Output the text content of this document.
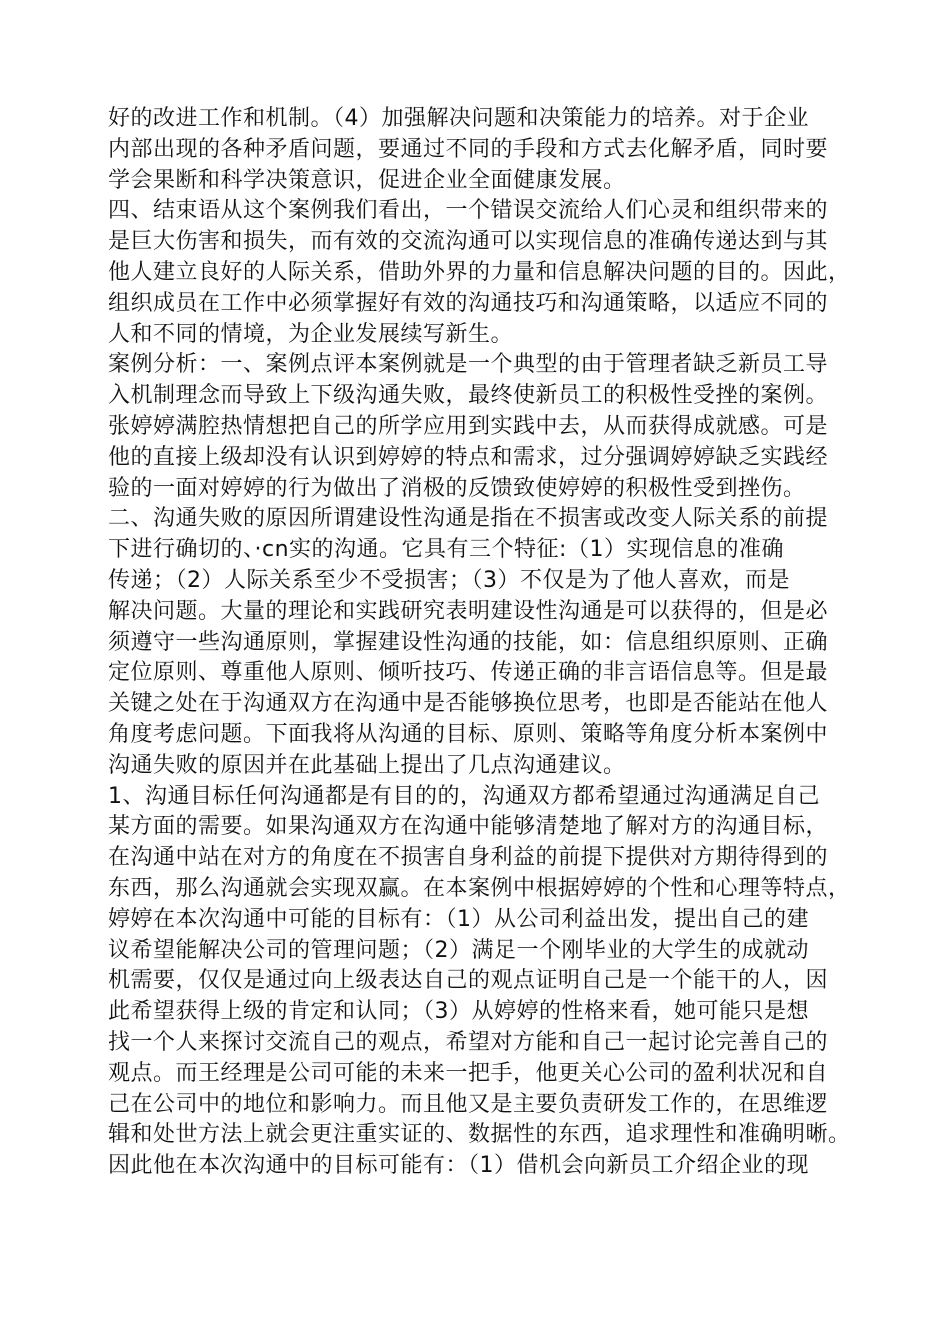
好的改进工作和机制。（4）加强解决问题和决策能力的培养。对于企业
内部出现的各种矛盾问题，要通过不同的手段和方式去化解矛盾，同时要
学会果断和科学决策意识，促进企业全面健康发展。
四、结束语从这个案例我们看出，一个错误交流给人们心灵和组织带来的
是巨大伤害和损失，而有效的交流沟通可以实现信息的准确传递达到与其
他人建立良好的人际关系，借助外界的力量和信息解决问题的目的。因此，
组织成员在工作中必须掌握好有效的沟通技巧和沟通策略，以适应不同的
人和不同的情境，为企业发展续写新生。
案例分析：一、案例点评本案例就是一个典型的由于管理者缺乏新员工导
入机制理念而导致上下级沟通失败，最终使新员工的积极性受挫的案例。
张婷婷满腔热情想把自己的所学应用到实践中去，从而获得成就感。可是
他的直接上级却没有认识到婷婷的特点和需求，过分强调婷婷缺乏实践经
验的一面对婷婷的行为做出了消极的反馈致使婷婷的积极性受到挫伤。
二、沟通失败的原因所谓建设性沟通是指在不损害或改变人际关系的前提
下进行确切的、·cn实的沟通。它具有三个特征:（1）实现信息的准确
传递；（2）人际关系至少不受损害；（3）不仅是为了他人喜欢，而是
解决问题。大量的理论和实践研究表明建设性沟通是可以获得的，但是必
须遵守一些沟通原则，掌握建设性沟通的技能，如：信息组织原则、正确
定位原则、尊重他人原则、倾听技巧、传递正确的非言语信息等。但是最
关键之处在于沟通双方在沟通中是否能够换位思考，也即是否能站在他人
角度考虑问题。下面我将从沟通的目标、原则、策略等角度分析本案例中
沟通失败的原因并在此基础上提出了几点沟通建议。
1、沟通目标任何沟通都是有目的的，沟通双方都希望通过沟通满足自己
某方面的需要。如果沟通双方在沟通中能够清楚地了解对方的沟通目标，
在沟通中站在对方的角度在不损害自身利益的前提下提供对方期待得到的
东西，那么沟通就会实现双赢。在本案例中根据婷婷的个性和心理等特点，
婷婷在本次沟通中可能的目标有：（1）从公司利益出发，提出自己的建
议希望能解决公司的管理问题；（2）满足一个刚毕业的大学生的成就动
机需要，仅仅是通过向上级表达自己的观点证明自己是一个能干的人，因
此希望获得上级的肯定和认同；（3）从婷婷的性格来看，她可能只是想
找一个人来探讨交流自己的观点，希望对方能和自己一起讨论完善自己的
观点。而王经理是公司可能的未来一把手，他更关心公司的盈利状况和自
己在公司中的地位和影响力。而且他又是主要负责研发工作的，在思维逻
辑和处世方法上就会更注重实证的、数据性的东西，追求理性和准确明晰。
因此他在本次沟通中的目标可能有：（1）借机会向新员工介绍企业的现
